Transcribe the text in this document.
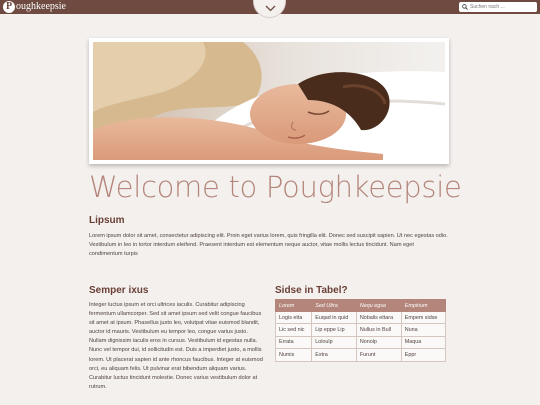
P oughkeepsie
Suchen nach ...
Welcome to Poughkeepsie
Lipsum

Lorem ipsum dolor sit amet, consectetur adipiscing elit. Proin eget varius lorem, quis fringilla elit. Donec sed suscipit sapien. Ut nec egestas odio. Vestibulum in leo in tortor interdum eleifend. Praesent interdum est elementum neque auctor, vitae mollis lectus tincidunt. Nam eget condimentum turpis

Semper ixus

Integer luctus ipsum et orci ultrices iaculis. Curabitur adipiscing fermentum ullamcorper. Sed sit amet ipsum sed velit congue faucibus sit amet at ipsum. Phasellus justo leo, volutpat vitae euismod blandit, auctor id mauris. Vestibulum eu tempor leo, congue varius justo. Nullam dignissim iaculis eros in cursus. Vestibulum id egestas nulla. Nunc vel tempor dui, id sollicitudin est. Duis a imperdiet justo, a mollis lorem. Ut placerat sapien id ante rhoncus faucibus. Integer at euismod orci, eu aliquam felis. Ut pulvinar erat bibendum aliquam varius. Curabitur luctus tincidunt molestie. Donec varius vestibulum dolor at rutrum.

Sidse in Tabel?
Lorem	Sed Ultra	Nequ egsa	Empirium
Logis etta	Euqad in quid	Nobalis ettara	Empem sidse
Lic sed nic	Lip eppe Lip	Nullus in Bull	Nuna
Errata	Loloulp	Nonolp	Maqua
Numis	Extra	Furunt	Eppr
